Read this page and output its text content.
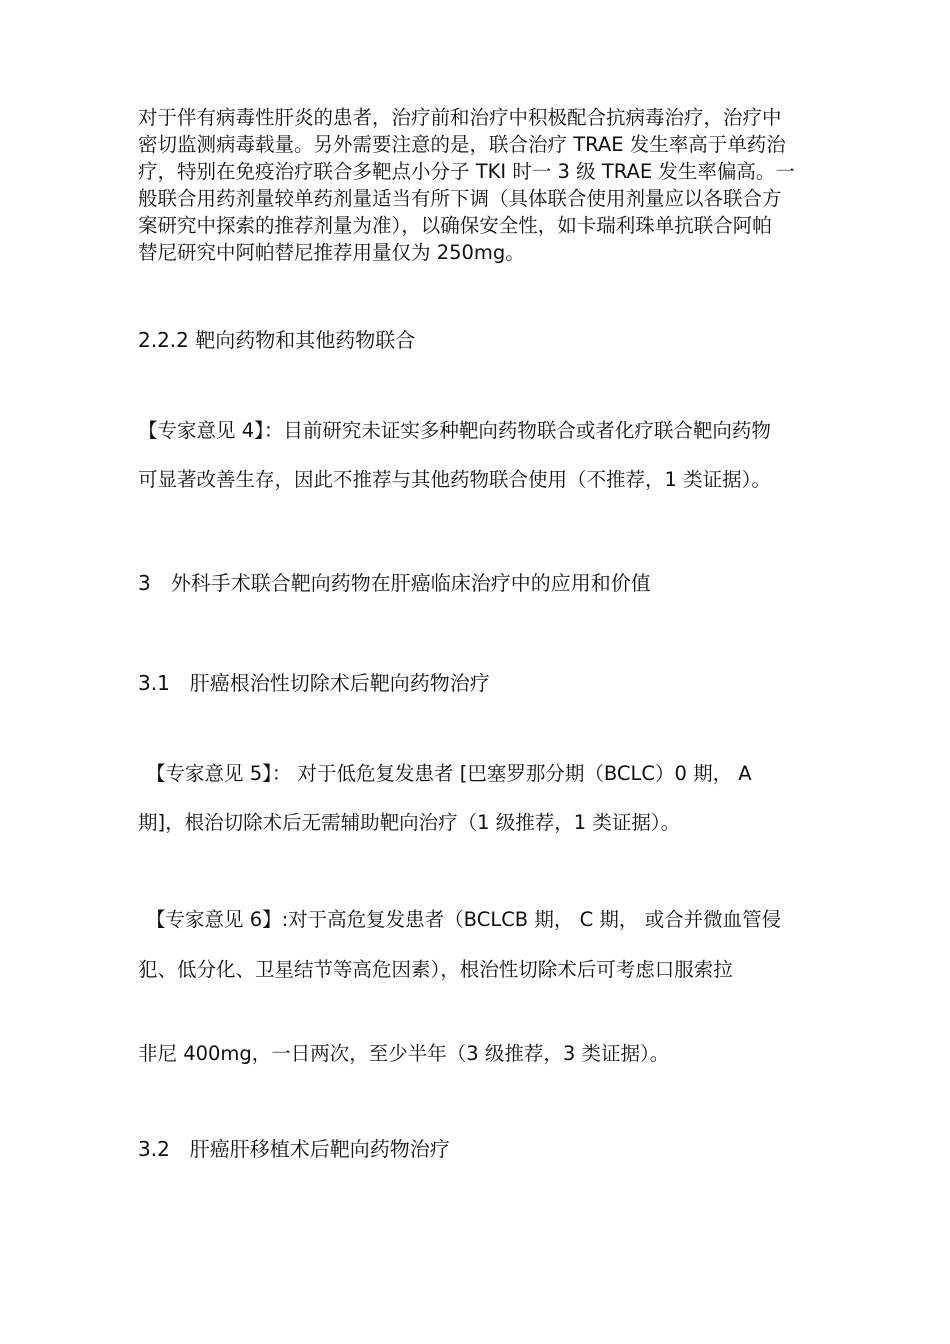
对于伴有病毒性肝炎的患者，治疗前和治疗中积极配合抗病毒治疗，治疗中
密切监测病毒载量。另外需要注意的是，联合治疗 TRAE 发生率高于单药治
疗，特别在免疫治疗联合多靶点小分子 TKI 时一 3 级 TRAE 发生率偏高。一
般联合用药剂量较单药剂量适当有所下调（具体联合使用剂量应以各联合方
案研究中探索的推荐剂量为准），以确保安全性，如卡瑞利珠单抗联合阿帕
替尼研究中阿帕替尼推荐用量仅为 250mg。
2.2.2 靶向药物和其他药物联合
【专家意见 4】：目前研究未证实多种靶向药物联合或者化疗联合靶向药物
可显著改善生存，因此不推荐与其他药物联合使用（不推荐，1 类证据）。
3　外科手术联合靶向药物在肝癌临床治疗中的应用和价值
3.1　肝癌根治性切除术后靶向药物治疗
【专家意见 5】： 对于低危复发患者 [巴塞罗那分期（BCLC）0 期， A
期]，根治切除术后无需辅助靶向治疗（1 级推荐，1 类证据）。
【专家意见 6】:对于高危复发患者（BCLCB 期， C 期， 或合并微血管侵
犯、低分化、卫星结节等高危因素），根治性切除术后可考虑口服索拉
非尼 400mg，一日两次，至少半年（3 级推荐，3 类证据）。
3.2　肝癌肝移植术后靶向药物治疗
